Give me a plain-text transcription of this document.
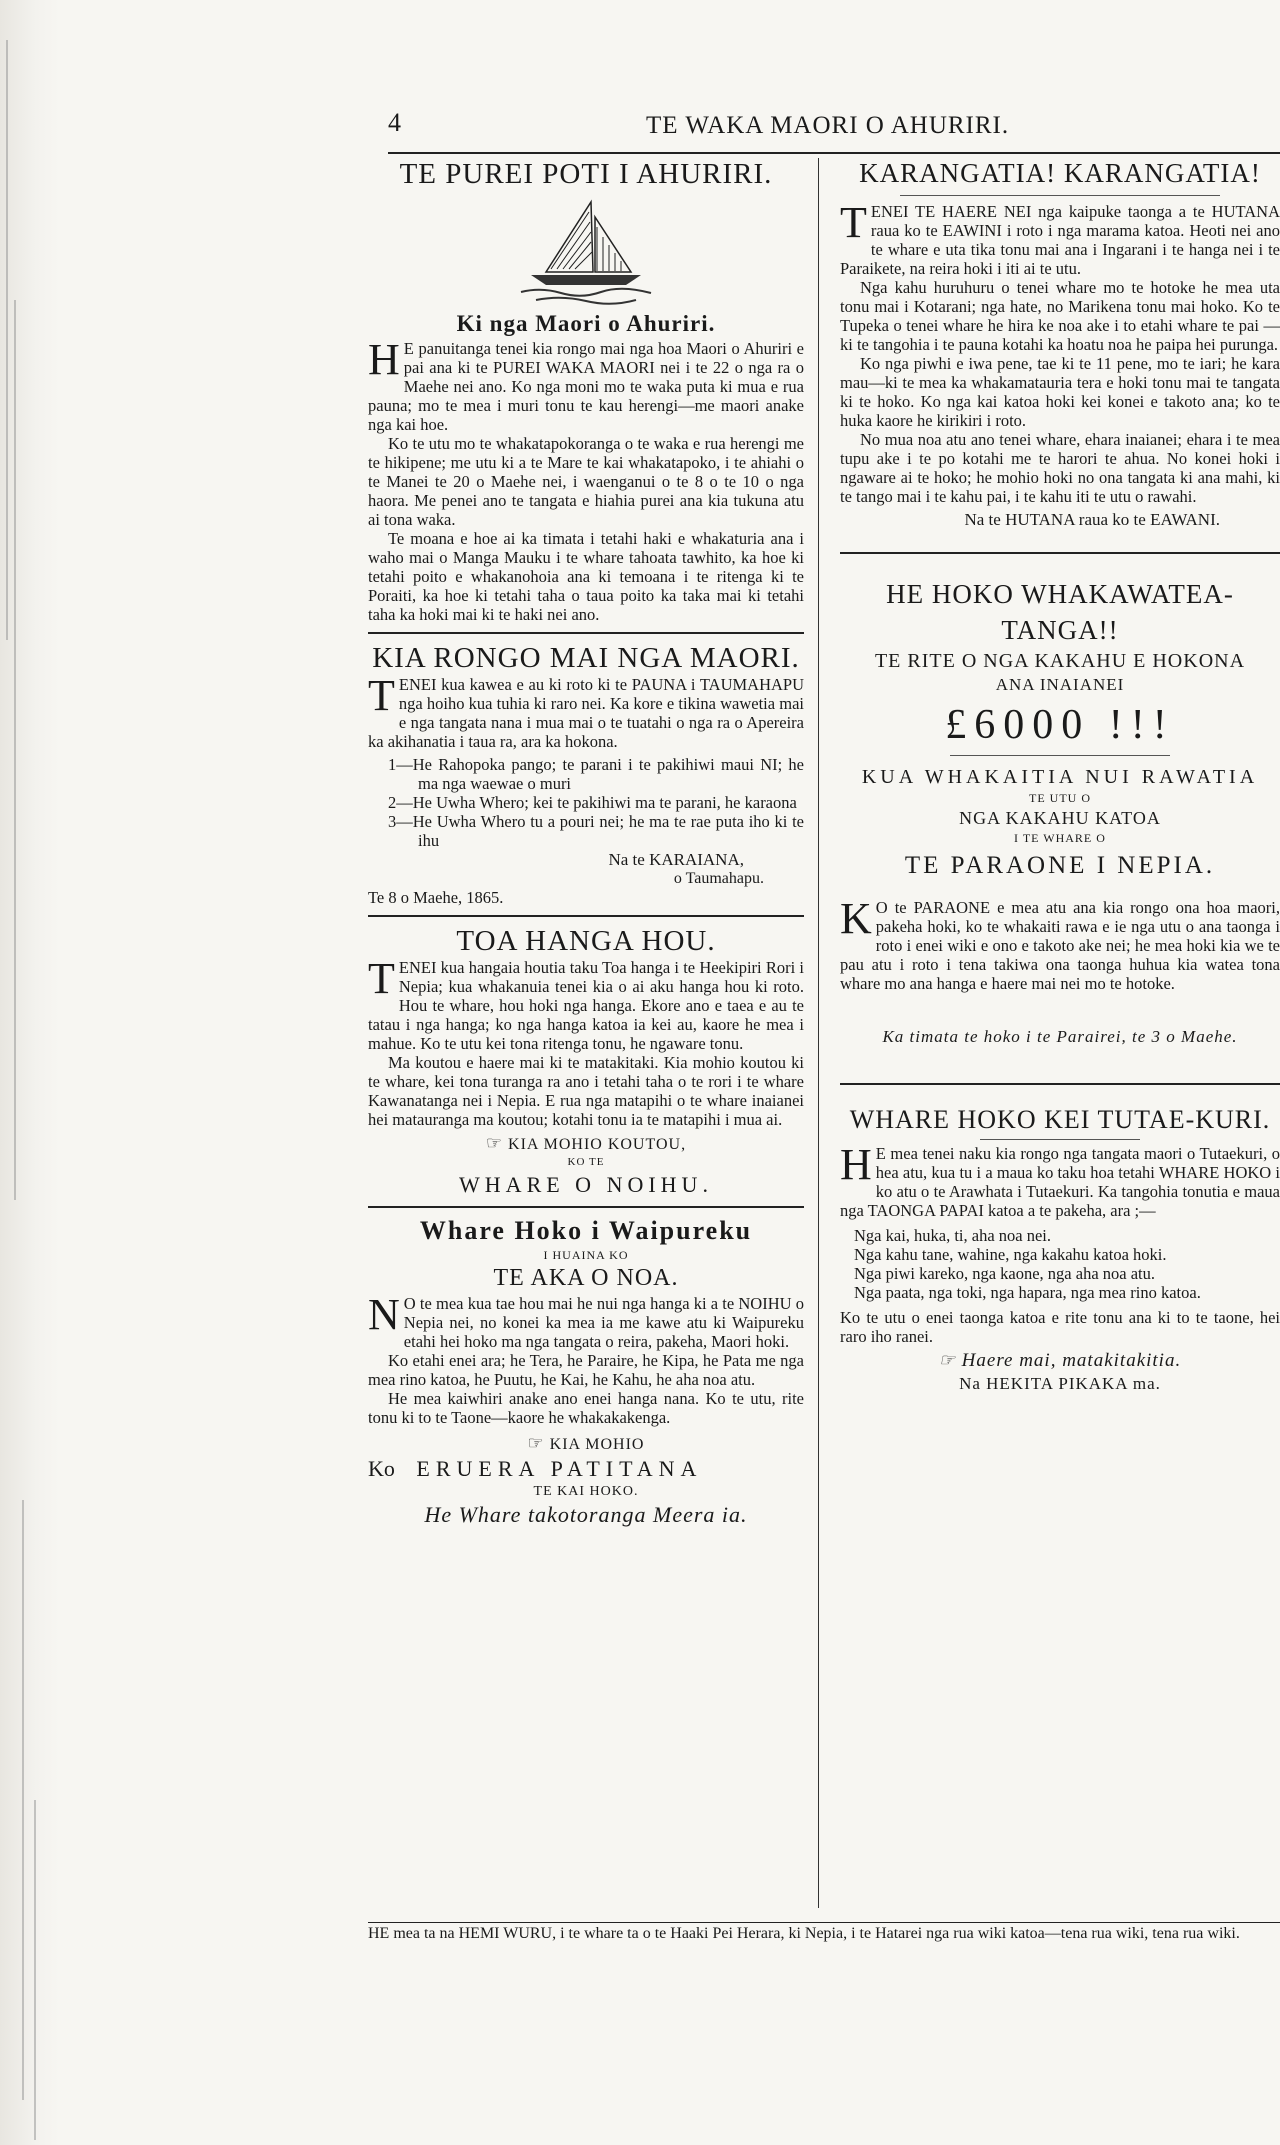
4	TE WAKA MAORI O AHURIRI.
TE PUREI POTI I AHURIRI.
Ki nga Maori o Ahuriri.

HE panuitanga tenei kia rongo mai nga hoa Maori o Ahuriri e pai ana ki te PUREI WAKA MAORI nei i te 22 o nga ra o Maehe nei ano. Ko nga moni mo te waka puta ki mua e rua pauna; mo te mea i muri tonu te kau herengi—me maori anake nga kai hoe.

Ko te utu mo te whakatapokoranga o te waka e rua herengi me te hikipene; me utu ki a te Mare te kai whakatapoko, i te ahiahi o te Manei te 20 o Maehe nei, i waenganui o te 8 o te 10 o nga haora. Me penei ano te tangata e hiahia purei ana kia tukuna atu ai tona waka.

Te moana e hoe ai ka timata i tetahi haki e whakaturia ana i waho mai o Manga Mauku i te whare tahoata tawhito, ka hoe ki tetahi poito e whakanohoia ana ki temoana i te ritenga ki te Poraiti, ka hoe ki tetahi taha o taua poito ka taka mai ki tetahi taha ka hoki mai ki te haki nei ano.

KIA RONGO MAI NGA MAORI.

TENEI kua kawea e au ki roto ki te PAUNA i TAUMAHAPU nga hoiho kua tuhia ki raro nei. Ka kore e tikina wawetia mai e nga tangata nana i mua mai o te tuatahi o nga ra o Apereira ka akihanatia i taua ra, ara ka hokona.

1—He Rahopoka pango; te parani i te pakihiwi maui NI; he ma nga waewae o muri

2—He Uwha Whero; kei te pakihiwi ma te parani, he karaona

3—He Uwha Whero tu a pouri nei; he ma te rae puta iho ki te ihu

Na te KARAIANA,
o Taumahapu.

Te 8 o Maehe, 1865.

TOA HANGA HOU.

TENEI kua hangaia houtia taku Toa hanga i te Heekipiri Rori i Nepia; kua whakanuia tenei kia o ai aku hanga hou ki roto. Hou te whare, hou hoki nga hanga. Ekore ano e taea e au te tatau i nga hanga; ko nga hanga katoa ia kei au, kaore he mea i mahue. Ko te utu kei tona ritenga tonu, he ngaware tonu.

Ma koutou e haere mai ki te matakitaki. Kia mohio koutou ki te whare, kei tona turanga ra ano i tetahi taha o te rori i te whare Kawanatanga nei i Nepia. E rua nga matapihi o te whare inaianei hei matauranga ma koutou; kotahi tonu ia te matapihi i mua ai.

☞ KIA MOHIO KOUTOU,
KO TE
WHARE O NOIHU.
Whare Hoko i Waipureku
I HUAINA KO
TE AKA O NOA.

NO te mea kua tae hou mai he nui nga hanga ki a te NOIHU o Nepia nei, no konei ka mea ia me kawe atu ki Waipureku etahi hei hoko ma nga tangata o reira, pakeha, Maori hoki.

Ko etahi enei ara; he Tera, he Paraire, he Kipa, he Pata me nga mea rino katoa, he Puutu, he Kai, he Kahu, he aha noa atu.

He mea kaiwhiri anake ano enei hanga nana. Ko te utu, rite tonu ki to te Taone—kaore he whakakakenga.

☞ KIA MOHIO
Ko ERUERA PATITANA
TE KAI HOKO.
He Whare takotoranga Meera ia.
KARANGATIA! KARANGATIA!

TENEI TE HAERE NEI nga kaipuke taonga a te HUTANA raua ko te EAWINI i roto i nga marama katoa. Heoti nei ano te whare e uta tika tonu mai ana i Ingarani i te hanga nei i te Paraikete, na reira hoki i iti ai te utu.

Nga kahu huruhuru o tenei whare mo te hotoke he mea uta tonu mai i Kotarani; nga hate, no Marikena tonu mai hoko. Ko te Tupeka o tenei whare he hira ke noa ake i to etahi whare te pai —ki te tangohia i te pauna kotahi ka hoatu noa he paipa hei purunga.

Ko nga piwhi e iwa pene, tae ki te 11 pene, mo te iari; he kara mau—ki te mea ka whakamatauria tera e hoki tonu mai te tangata ki te hoko. Ko nga kai katoa hoki kei konei e takoto ana; ko te huka kaore he kirikiri i roto.

No mua noa atu ano tenei whare, ehara inaianei; ehara i te mea tupu ake i te po kotahi me te harori te ahua. No konei hoki i ngaware ai te hoko; he mohio hoki no ona tangata ki ana mahi, ki te tango mai i te kahu pai, i te kahu iti te utu o rawahi.

Na te HUTANA raua ko te EAWANI.
HE HOKO WHAKAWATEA-TANGA!!
TE RITE O NGA KAKAHU E HOKONA
ANA INAIANEI
£6000 !!!
KUA WHAKAITIA NUI RAWATIA
TE UTU O
NGA KAKAHU KATOA
I TE WHARE O
TE PARAONE I NEPIA.

KO te PARAONE e mea atu ana kia rongo ona hoa maori, pakeha hoki, ko te whakaiti rawa e ie nga utu o ana taonga i roto i enei wiki e ono e takoto ake nei; he mea hoki kia we te pau atu i roto i tena takiwa ona taonga huhua kia watea tona whare mo ana hanga e haere mai nei mo te hotoke.

Ka timata te hoko i te Parairei, te 3 o Maehe.
WHARE HOKO KEI TUTAE-KURI.

HE mea tenei naku kia rongo nga tangata maori o Tutaekuri, o hea atu, kua tu i a maua ko taku hoa tetahi WHARE HOKO i ko atu o te Arawhata i Tutaekuri. Ka tangohia tonutia e maua nga TAONGA PAPAI katoa a te pakeha, ara ;—

Nga kai, huka, ti, aha noa nei.

Nga kahu tane, wahine, nga kakahu katoa hoki.

Nga piwi kareko, nga kaone, nga aha noa atu.

Nga paata, nga toki, nga hapara, nga mea rino katoa.

Ko te utu o enei taonga katoa e rite tonu ana ki to te taone, hei raro iho ranei.

☞ Haere mai, matakitakitia.
Na HEKITA PIKAKA ma.
HE mea ta na HEMI WURU, i te whare ta o te Haaki Pei Herara, ki Nepia, i te Hatarei nga rua wiki katoa—tena rua wiki, tena rua wiki.
